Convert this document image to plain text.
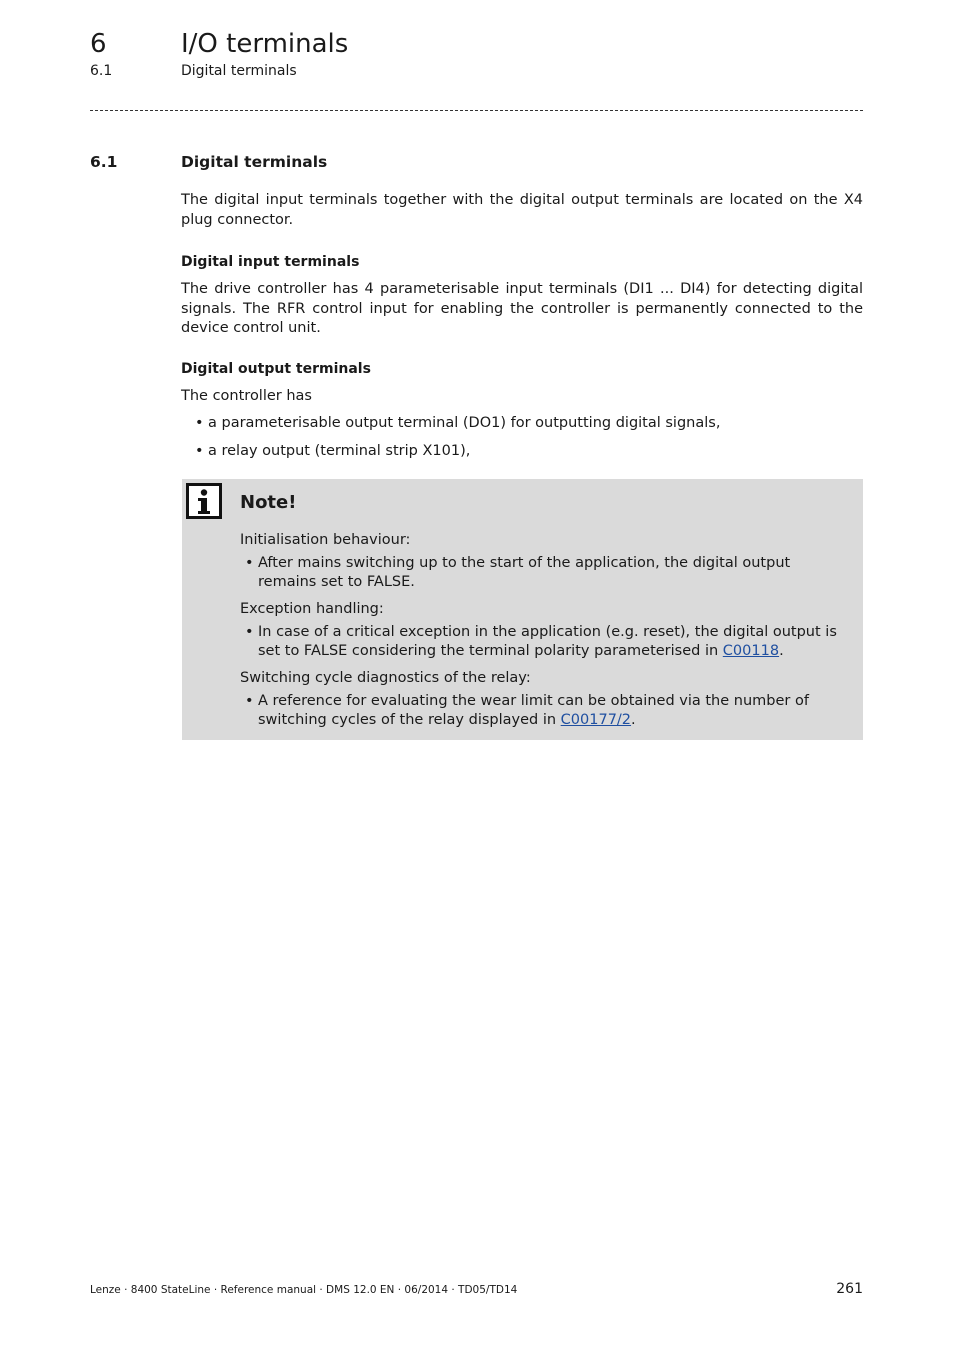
6	I/O terminals
6.1	Digital terminals
6.1	Digital terminals

The digital input terminals together with the digital output terminals are located on the X4 plug connector.

Digital input terminals

The drive controller has 4 parameterisable input terminals (DI1 ... DI4) for detecting digital signals. The RFR control input for enabling the controller is permanently connected to the device control unit.

Digital output terminals
The controller has
• a parameterisable output terminal (DO1) for outputting digital signals,
• a relay output (terminal strip X101),
Note!
Initialisation behaviour:
• After mains switching up to the start of the application, the digital output remains set to FALSE.
Exception handling:
• In case of a critical exception in the application (e.g. reset), the digital output is set to FALSE considering the terminal polarity parameterised in C00118.
Switching cycle diagnostics of the relay:
• A reference for evaluating the wear limit can be obtained via the number of switching cycles of the relay displayed in C00177/2.
Lenze · 8400 StateLine · Reference manual · DMS 12.0 EN · 06/2014 · TD05/TD14	261
